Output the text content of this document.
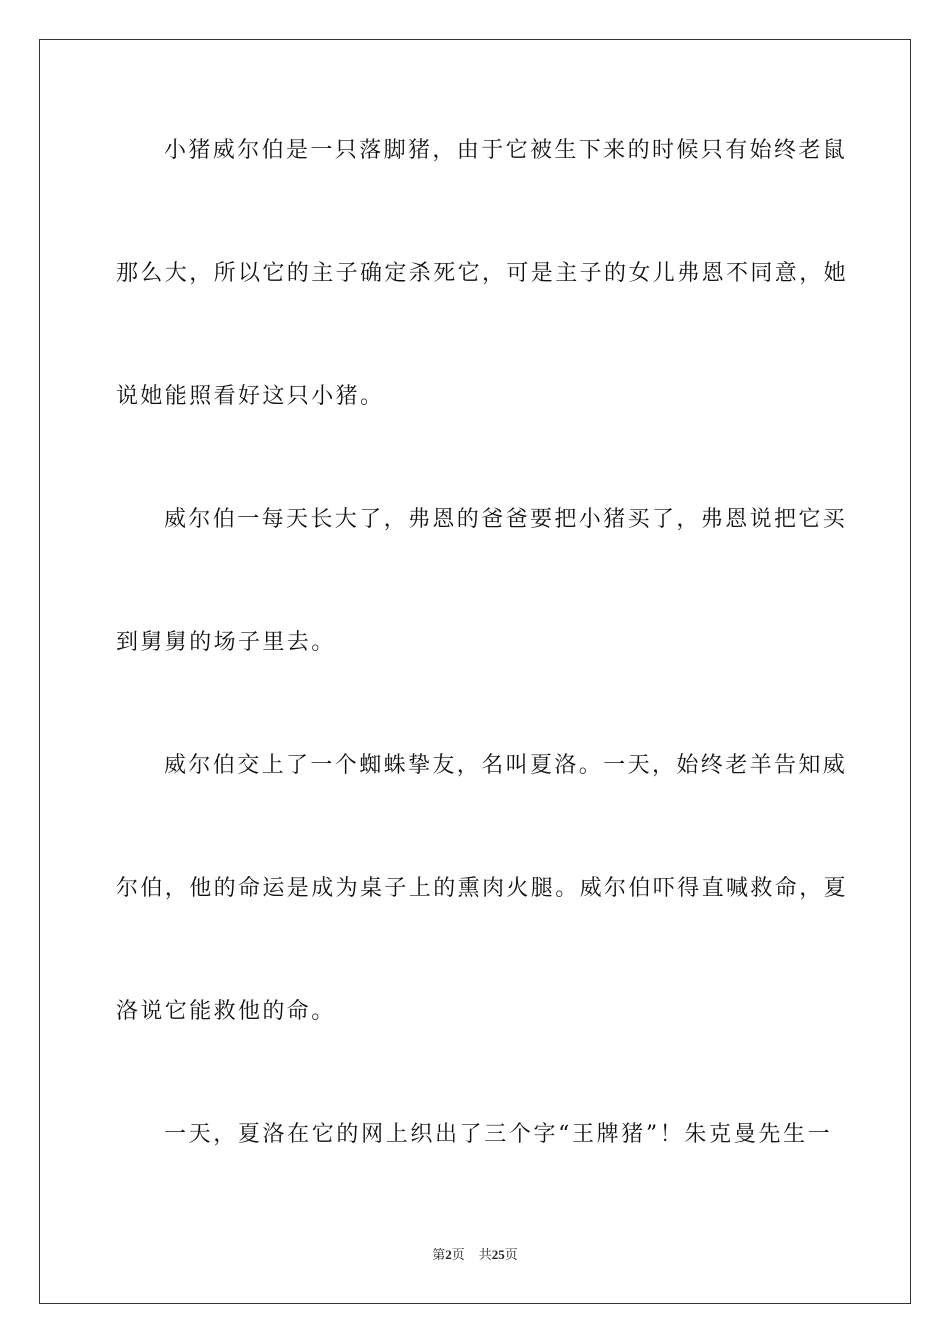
小猪威尔伯是一只落脚猪，由于它被生下来的时候只有始终老鼠
那么大，所以它的主子确定杀死它，可是主子的女儿弗恩不同意，她
说她能照看好这只小猪。
威尔伯一每天长大了，弗恩的爸爸要把小猪买了，弗恩说把它买
到舅舅的场子里去。
威尔伯交上了一个蜘蛛挚友，名叫夏洛。一天，始终老羊告知威
尔伯，他的命运是成为桌子上的熏肉火腿。威尔伯吓得直喊救命，夏
洛说它能救他的命。
一天，夏洛在它的网上织出了三个字“王牌猪”！朱克曼先生一
第2页 共25页
